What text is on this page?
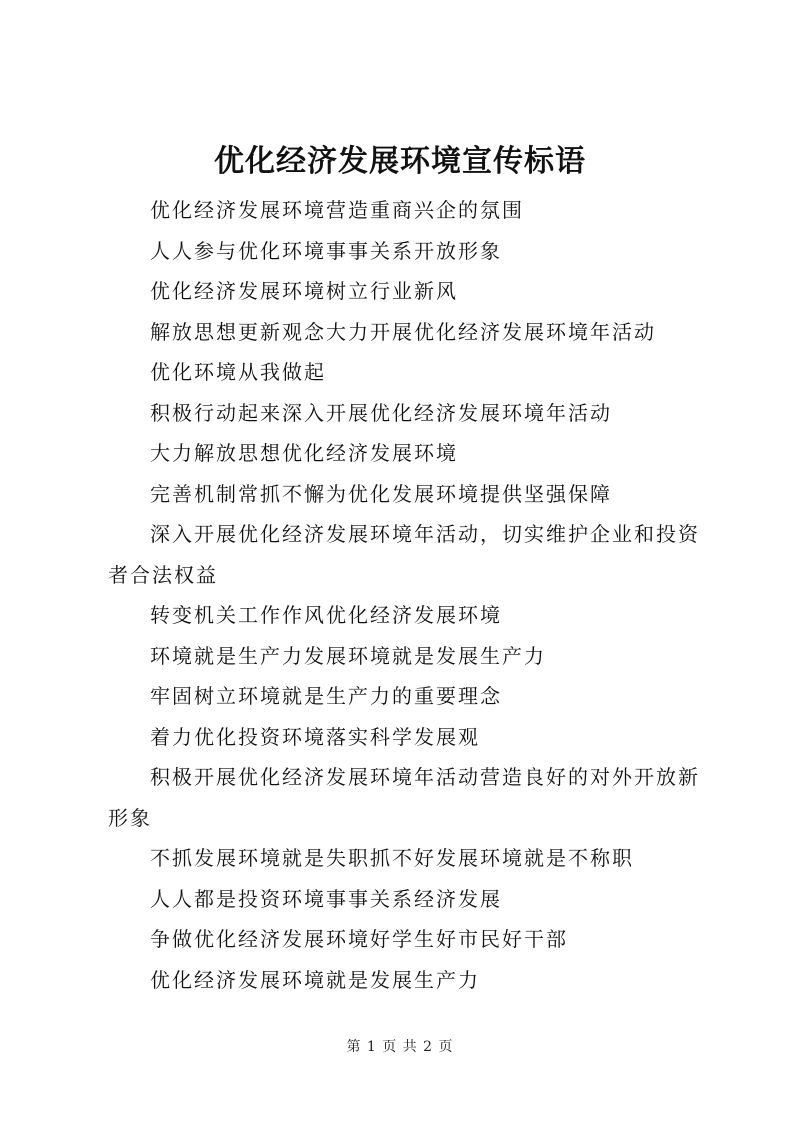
优化经济发展环境宣传标语

优化经济发展环境营造重商兴企的氛围

人人参与优化环境事事关系开放形象

优化经济发展环境树立行业新风

解放思想更新观念大力开展优化经济发展环境年活动

优化环境从我做起

积极行动起来深入开展优化经济发展环境年活动

大力解放思想优化经济发展环境

完善机制常抓不懈为优化发展环境提供坚强保障

深入开展优化经济发展环境年活动，切实维护企业和投资者合法权益

转变机关工作作风优化经济发展环境

环境就是生产力发展环境就是发展生产力

牢固树立环境就是生产力的重要理念

着力优化投资环境落实科学发展观

积极开展优化经济发展环境年活动营造良好的对外开放新形象

不抓发展环境就是失职抓不好发展环境就是不称职

人人都是投资环境事事关系经济发展

争做优化经济发展环境好学生好市民好干部

优化经济发展环境就是发展生产力

第 1 页 共 2 页
